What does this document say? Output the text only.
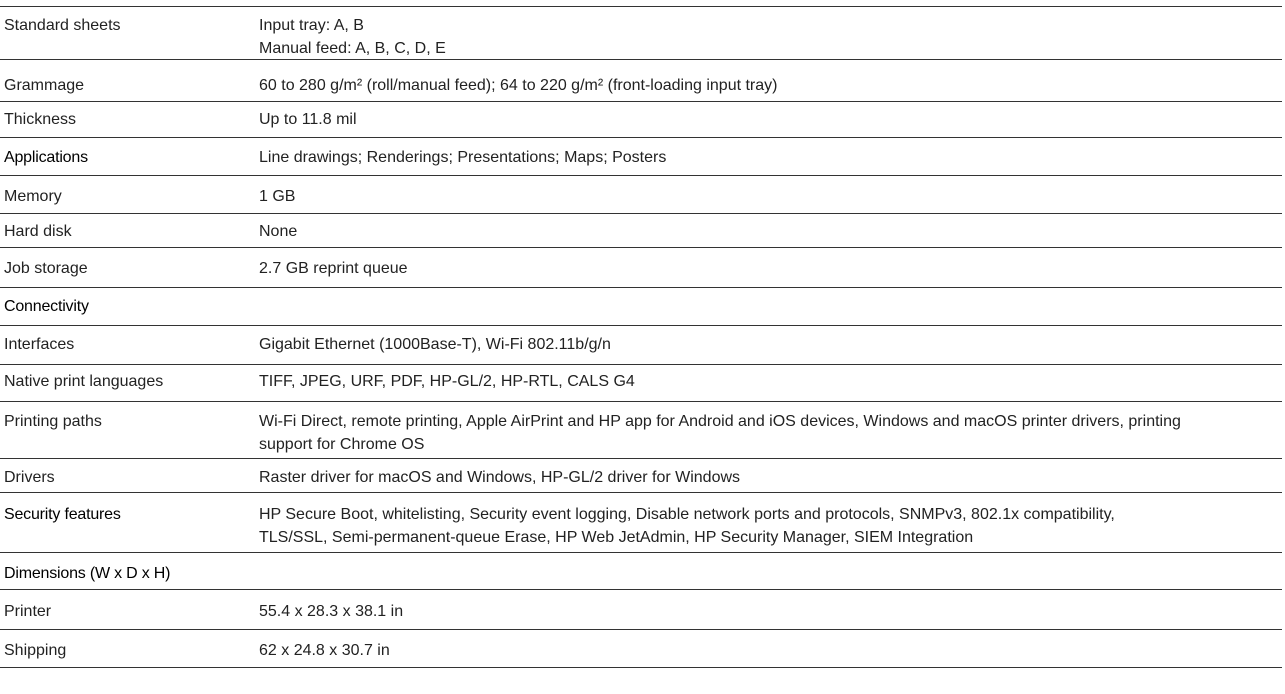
Standard sheets	Input tray: A, B
Manual feed: A, B, C, D, E
Grammage	60 to 280 g/m² (roll/manual feed); 64 to 220 g/m² (front-loading input tray)
Thickness	Up to 11.8 mil
Applications	Line drawings; Renderings; Presentations; Maps; Posters
Memory	1 GB
Hard disk	None
Job storage	2.7 GB reprint queue
Connectivity
Interfaces	Gigabit Ethernet (1000Base-T), Wi-Fi 802.11b/g/n
Native print languages	TIFF, JPEG, URF, PDF, HP-GL/2, HP-RTL, CALS G4
Printing paths	Wi-Fi Direct, remote printing, Apple AirPrint and HP app for Android and iOS devices, Windows and macOS printer drivers, printing
support for Chrome OS
Drivers	Raster driver for macOS and Windows, HP-GL/2 driver for Windows
Security features	HP Secure Boot, whitelisting, Security event logging, Disable network ports and protocols, SNMPv3, 802.1x compatibility,
TLS/SSL, Semi-permanent-queue Erase, HP Web JetAdmin, HP Security Manager, SIEM Integration
Dimensions (W x D x H)
Printer	55.4 x 28.3 x 38.1 in
Shipping	62 x 24.8 x 30.7 in
